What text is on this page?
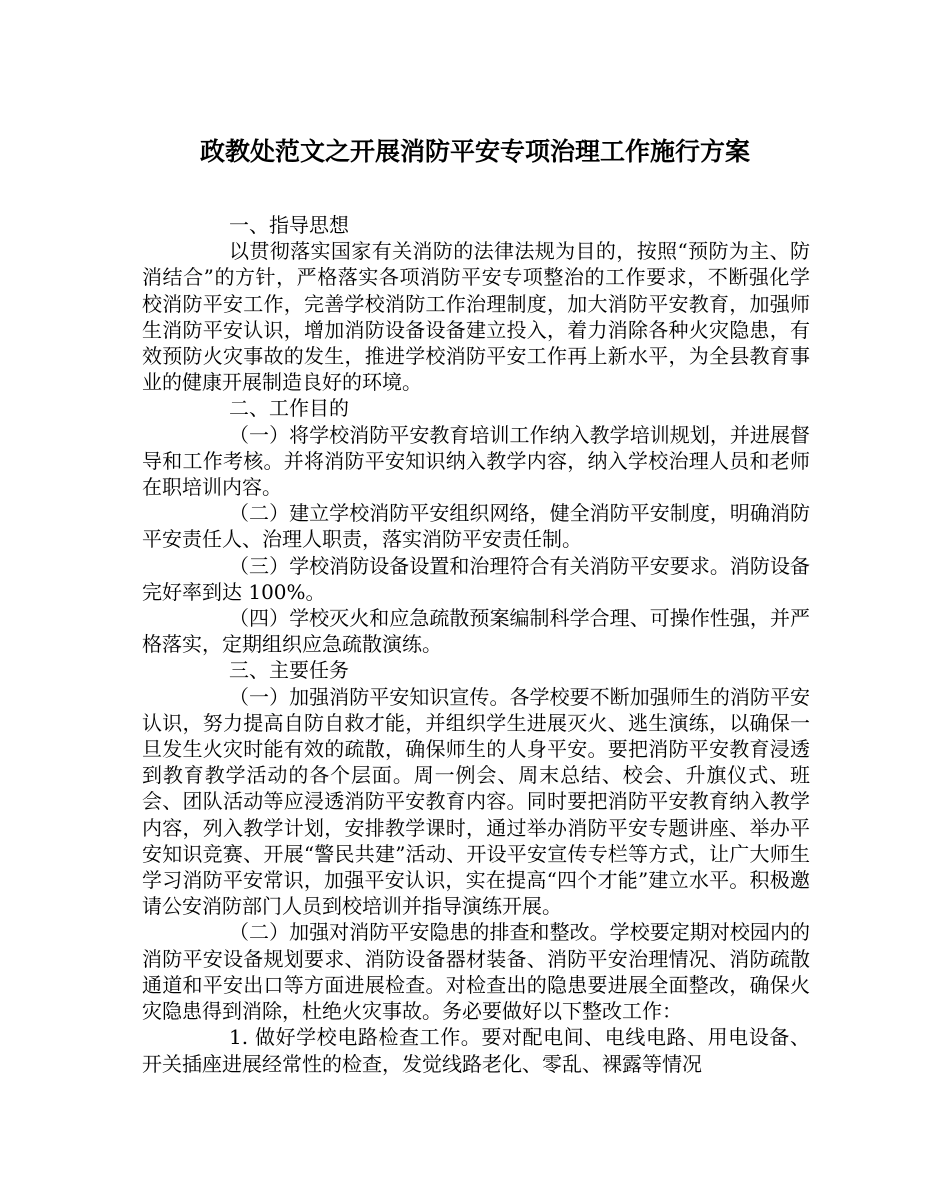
政教处范文之开展消防平安专项治理工作施行方案

一、指导思想

以贯彻落实国家有关消防的法律法规为目的，按照“预防为主、防消结合”的方针，严格落实各项消防平安专项整治的工作要求，不断强化学校消防平安工作，完善学校消防工作治理制度，加大消防平安教育，加强师生消防平安认识，增加消防设备设备建立投入，着力消除各种火灾隐患，有效预防火灾事故的发生，推进学校消防平安工作再上新水平，为全县教育事业的健康开展制造良好的环境。

二、工作目的

（一）将学校消防平安教育培训工作纳入教学培训规划，并进展督导和工作考核。并将消防平安知识纳入教学内容，纳入学校治理人员和老师在职培训内容。

（二）建立学校消防平安组织网络，健全消防平安制度，明确消防平安责任人、治理人职责，落实消防平安责任制。

（三）学校消防设备设置和治理符合有关消防平安要求。消防设备完好率到达 100%。

（四）学校灭火和应急疏散预案编制科学合理、可操作性强，并严格落实，定期组织应急疏散演练。

三、主要任务

（一）加强消防平安知识宣传。各学校要不断加强师生的消防平安认识，努力提高自防自救才能，并组织学生进展灭火、逃生演练，以确保一旦发生火灾时能有效的疏散，确保师生的人身平安。要把消防平安教育浸透到教育教学活动的各个层面。周一例会、周末总结、校会、升旗仪式、班会、团队活动等应浸透消防平安教育内容。同时要把消防平安教育纳入教学内容，列入教学计划，安排教学课时，通过举办消防平安专题讲座、举办平安知识竞赛、开展“警民共建”活动、开设平安宣传专栏等方式，让广大师生学习消防平安常识，加强平安认识，实在提高“四个才能”建立水平。积极邀请公安消防部门人员到校培训并指导演练开展。

（二）加强对消防平安隐患的排查和整改。学校要定期对校园内的消防平安设备规划要求、消防设备器材装备、消防平安治理情况、消防疏散通道和平安出口等方面进展检查。对检查出的隐患要进展全面整改，确保火灾隐患得到消除，杜绝火灾事故。务必要做好以下整改工作：

1. 做好学校电路检查工作。要对配电间、电线电路、用电设备、开关插座进展经常性的检查，发觉线路老化、零乱、裸露等情况
